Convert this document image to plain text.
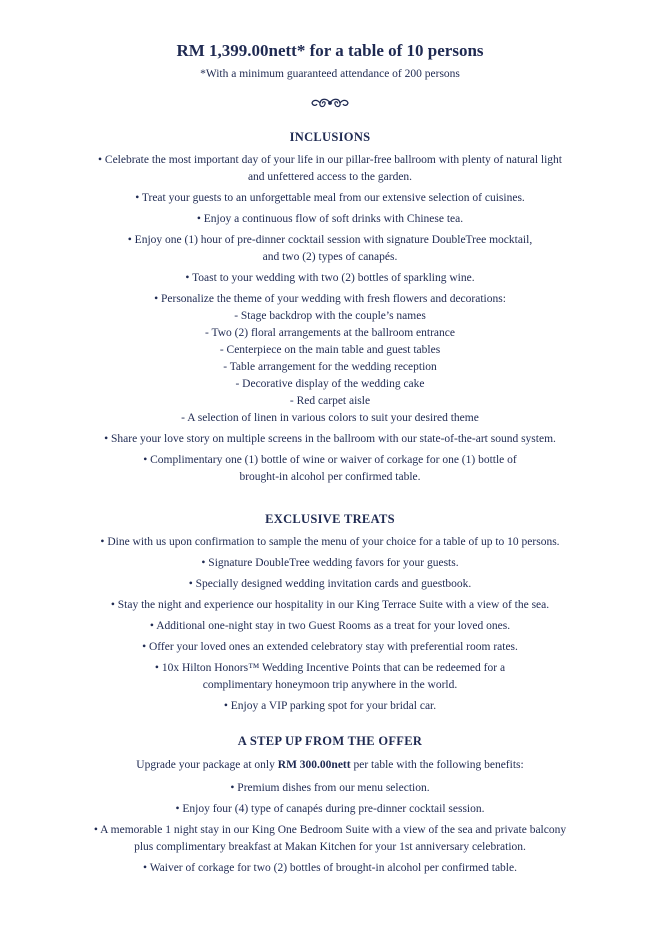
RM 1,399.00nett* for a table of 10 persons
*With a minimum guaranteed attendance of 200 persons
INCLUSIONS
• Celebrate the most important day of your life in our pillar-free ballroom with plenty of natural light
and unfettered access to the garden.
• Treat your guests to an unforgettable meal from our extensive selection of cuisines.
• Enjoy a continuous flow of soft drinks with Chinese tea.
• Enjoy one (1) hour of pre-dinner cocktail session with signature DoubleTree mocktail,
and two (2) types of canapés.
• Toast to your wedding with two (2) bottles of sparkling wine.
• Personalize the theme of your wedding with fresh flowers and decorations:
- Stage backdrop with the couple’s names
- Two (2) floral arrangements at the ballroom entrance
- Centerpiece on the main table and guest tables
- Table arrangement for the wedding reception
- Decorative display of the wedding cake
- Red carpet aisle
- A selection of linen in various colors to suit your desired theme
• Share your love story on multiple screens in the ballroom with our state-of-the-art sound system.
• Complimentary one (1) bottle of wine or waiver of corkage for one (1) bottle of
brought-in alcohol per confirmed table.
EXCLUSIVE TREATS
• Dine with us upon confirmation to sample the menu of your choice for a table of up to 10 persons.
• Signature DoubleTree wedding favors for your guests.
• Specially designed wedding invitation cards and guestbook.
• Stay the night and experience our hospitality in our King Terrace Suite with a view of the sea.
• Additional one-night stay in two Guest Rooms as a treat for your loved ones.
• Offer your loved ones an extended celebratory stay with preferential room rates.
• 10x Hilton Honors™ Wedding Incentive Points that can be redeemed for a
complimentary honeymoon trip anywhere in the world.
• Enjoy a VIP parking spot for your bridal car.
A STEP UP FROM THE OFFER
Upgrade your package at only RM 300.00nett per table with the following benefits:
• Premium dishes from our menu selection.
• Enjoy four (4) type of canapés during pre-dinner cocktail session.
• A memorable 1 night stay in our King One Bedroom Suite with a view of the sea and private balcony
plus complimentary breakfast at Makan Kitchen for your 1st anniversary celebration.
• Waiver of corkage for two (2) bottles of brought-in alcohol per confirmed table.
